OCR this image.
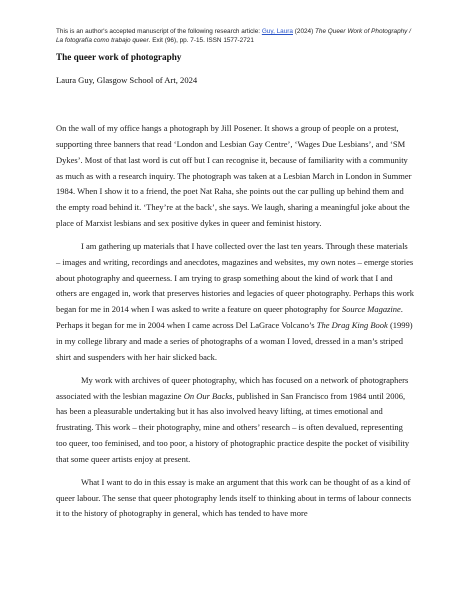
This is an author's accepted manuscript of the following research article: Guy, Laura (2024) The Queer Work of Photography / La fotografía como trabajo queer. Exit (96), pp. 7-15. ISSN 1577-2721
The queer work of photography
Laura Guy, Glasgow School of Art, 2024

On the wall of my office hangs a photograph by Jill Posener. It shows a group of people on a protest, supporting three banners that read ‘London and Lesbian Gay Centre’, ‘Wages Due Lesbians’, and ‘SM Dykes’. Most of that last word is cut off but I can recognise it, because of familiarity with a community as much as with a research inquiry. The photograph was taken at a Lesbian March in London in Summer 1984. When I show it to a friend, the poet Nat Raha, she points out the car pulling up behind them and the empty road behind it. ‘They’re at the back’, she says. We laugh, sharing a meaningful joke about the place of Marxist lesbians and sex positive dykes in queer and feminist history.

I am gathering up materials that I have collected over the last ten years. Through these materials – images and writing, recordings and anecdotes, magazines and websites, my own notes – emerge stories about photography and queerness. I am trying to grasp something about the kind of work that I and others are engaged in, work that preserves histories and legacies of queer photography. Perhaps this work began for me in 2014 when I was asked to write a feature on queer photography for Source Magazine. Perhaps it began for me in 2004 when I came across Del LaGrace Volcano’s The Drag King Book (1999) in my college library and made a series of photographs of a woman I loved, dressed in a man’s striped shirt and suspenders with her hair slicked back.

My work with archives of queer photography, which has focused on a network of photographers associated with the lesbian magazine On Our Backs, published in San Francisco from 1984 until 2006, has been a pleasurable undertaking but it has also involved heavy lifting, at times emotional and frustrating. This work – their photography, mine and others’ research – is often devalued, representing too queer, too feminised, and too poor, a history of photographic practice despite the pocket of visibility that some queer artists enjoy at present.

What I want to do in this essay is make an argument that this work can be thought of as a kind of queer labour. The sense that queer photography lends itself to thinking about in terms of labour connects it to the history of photography in general, which has tended to have more
